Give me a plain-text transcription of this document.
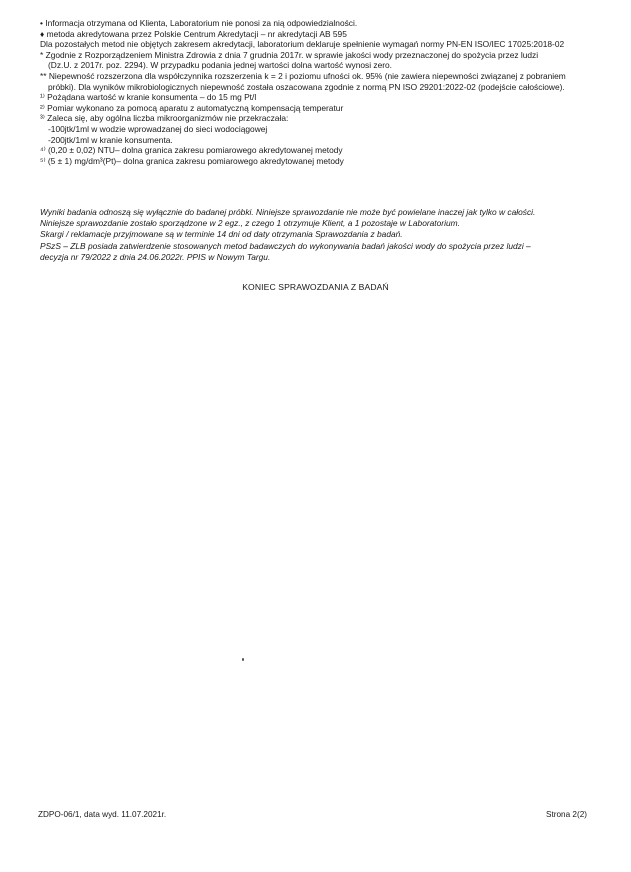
• Informacja otrzymana od Klienta, Laboratorium nie ponosi za nią odpowiedzialności.
♦ metoda akredytowana przez Polskie Centrum Akredytacji – nr akredytacji AB 595
Dla pozostałych metod nie objętych zakresem akredytacji, laboratorium deklaruje spełnienie wymagań normy PN-EN ISO/IEC 17025:2018-02
* Zgodnie z Rozporządzeniem Ministra Zdrowia z dnia 7 grudnia 2017r. w sprawie jakości wody przeznaczonej do spożycia przez ludzi
(Dz.U. z 2017r. poz. 2294). W przypadku podania jednej wartości dolna wartość wynosi zero.
** Niepewność rozszerzona dla współczynnika rozszerzenia k = 2 i poziomu ufności ok. 95% (nie zawiera niepewności związanej z pobraniem
próbki). Dla wyników mikrobiologicznych niepewność została oszacowana zgodnie z normą PN ISO 29201:2022-02 (podejście całościowe).
¹⁾ Pożądana wartość w kranie konsumenta – do 15 mg Pt/l
²⁾ Pomiar wykonano za pomocą aparatu z automatyczną kompensacją temperatur
³⁾ Zaleca się, aby ogólna liczba mikroorganizmów nie przekraczała:
-100jtk/1ml w wodzie wprowadzanej do sieci wodociągowej
-200jtk/1ml w kranie konsumenta.
⁴⁾ (0,20 ± 0,02) NTU– dolna granica zakresu pomiarowego akredytowanej metody
⁵⁾ (5 ± 1) mg/dm³(Pt)– dolna granica zakresu pomiarowego akredytowanej metody
Wyniki badania odnoszą się wyłącznie do badanej próbki. Niniejsze sprawozdanie nie może być powielane inaczej jak tylko w całości.
Niniejsze sprawozdanie zostało sporządzone w 2 egz., z czego 1 otrzymuje Klient, a 1 pozostaje w Laboratorium.
Skargi / reklamacje przyjmowane są w terminie 14 dni od daty otrzymania Sprawozdania z badań.
PSzS – ZLB posiada zatwierdzenie stosowanych metod badawczych do wykonywania badań jakości wody do spożycia przez ludzi –
decyzja nr 79/2022 z dnia 24.06.2022r. PPIS w Nowym Targu.
KONIEC SPRAWOZDANIA Z BADAŃ
ZDPO-06/1, data wyd. 11.07.2021r.	Strona 2(2)
